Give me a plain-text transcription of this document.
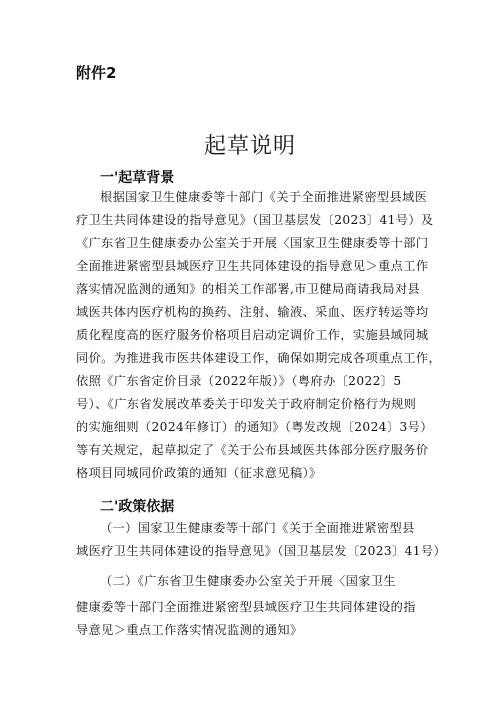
附件2
起草说明
一'起草背景
根据国家卫生健康委等十部门《关于全面推进紧密型县域医
疗卫生共同体建设的指导意见》（国卫基层发〔2023〕41号）及
《广东省卫生健康委办公室关于开展〈国家卫生健康委等十部门
全面推进紧密型县域医疗卫生共同体建设的指导意见＞重点工作
落实情况监测的通知》的相关工作部署,市卫健局商请我局对县
域医共体内医疗机构的换药、注射、输液、采血、医疗转运等均
质化程度高的医疗服务价格项目启动定调价工作，实施县域同城
同价。为推进我市医共体建设工作，确保如期完成各项重点工作，
依照《广东省定价目录（2022年版）》（粤府办〔2022〕5
号）、《广东省发展改革委关于印发关于政府制定价格行为规则
的实施细则（2024年修订）的通知》（粤发改规〔2024〕3号）
等有关规定，起草拟定了《关于公布县域医共体部分医疗服务价
格项目同城同价政策的通知（征求意见稿）》
二'政策依据
（一）国家卫生健康委等十部门《关于全面推进紧密型县
域医疗卫生共同体建设的指导意见》（国卫基层发〔2023〕41号）
（二）《广东省卫生健康委办公室关于开展〈国家卫生
健康委等十部门全面推进紧密型县域医疗卫生共同体建设的指
导意见＞重点工作落实情况监测的通知》
